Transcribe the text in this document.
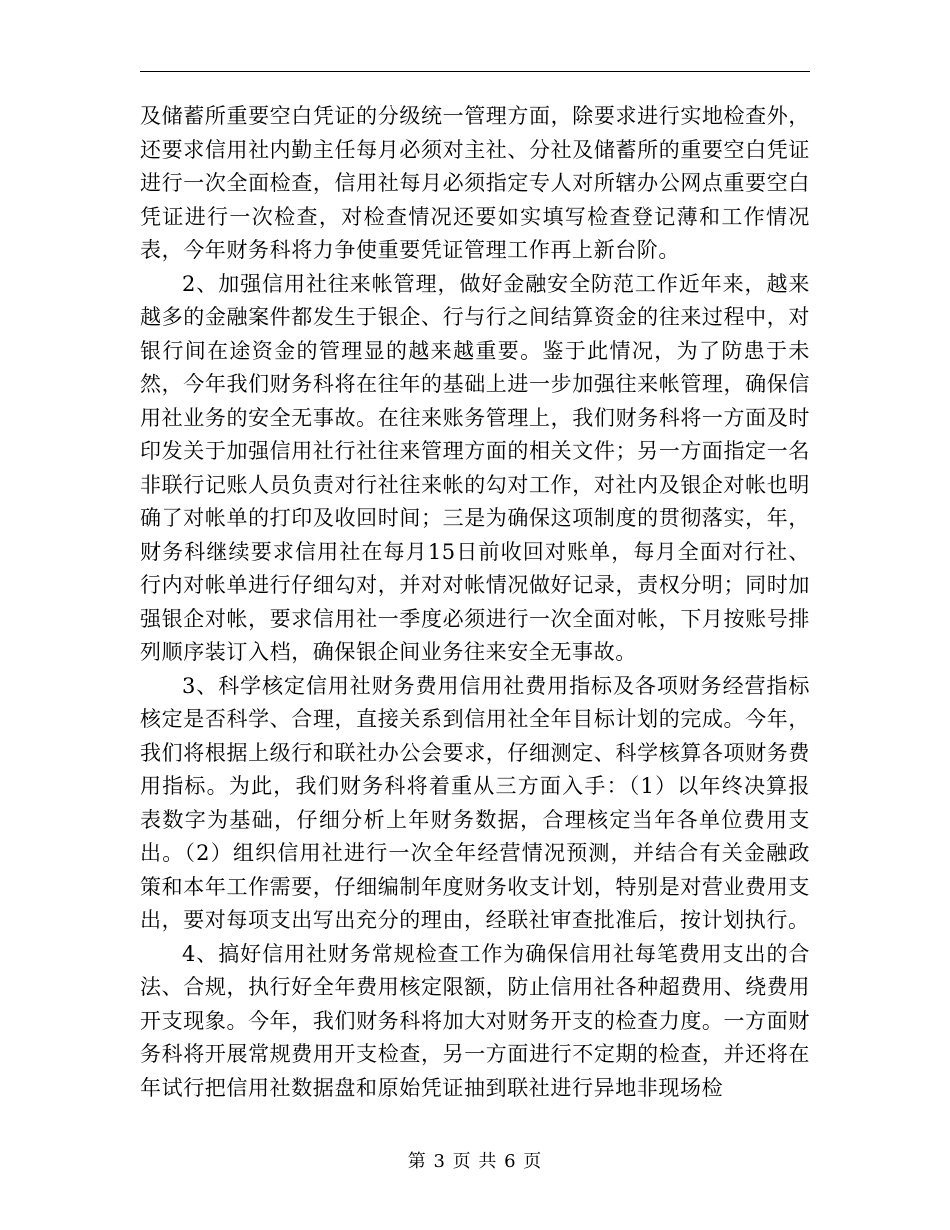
及储蓄所重要空白凭证的分级统一管理方面，除要求进行实地检查外，还要求信用社内勤主任每月必须对主社、分社及储蓄所的重要空白凭证进行一次全面检查，信用社每月必须指定专人对所辖办公网点重要空白凭证进行一次检查，对检查情况还要如实填写检查登记薄和工作情况表，今年财务科将力争使重要凭证管理工作再上新台阶。

2、加强信用社往来帐管理，做好金融安全防范工作近年来，越来越多的金融案件都发生于银企、行与行之间结算资金的往来过程中，对银行间在途资金的管理显的越来越重要。鉴于此情况，为了防患于未然，今年我们财务科将在往年的基础上进一步加强往来帐管理，确保信用社业务的安全无事故。在往来账务管理上，我们财务科将一方面及时印发关于加强信用社行社往来管理方面的相关文件；另一方面指定一名非联行记账人员负责对行社往来帐的勾对工作，对社内及银企对帐也明确了对帐单的打印及收回时间；三是为确保这项制度的贯彻落实，年，财务科继续要求信用社在每月15日前收回对账单，每月全面对行社、行内对帐单进行仔细勾对，并对对帐情况做好记录，责权分明；同时加强银企对帐，要求信用社一季度必须进行一次全面对帐，下月按账号排列顺序装订入档，确保银企间业务往来安全无事故。

3、科学核定信用社财务费用信用社费用指标及各项财务经营指标核定是否科学、合理，直接关系到信用社全年目标计划的完成。今年，我们将根据上级行和联社办公会要求，仔细测定、科学核算各项财务费用指标。为此，我们财务科将着重从三方面入手：（1）以年终决算报表数字为基础，仔细分析上年财务数据，合理核定当年各单位费用支出。（2）组织信用社进行一次全年经营情况预测，并结合有关金融政策和本年工作需要，仔细编制年度财务收支计划，特别是对营业费用支出，要对每项支出写出充分的理由，经联社审查批准后，按计划执行。

4、搞好信用社财务常规检查工作为确保信用社每笔费用支出的合法、合规，执行好全年费用核定限额，防止信用社各种超费用、绕费用开支现象。今年，我们财务科将加大对财务开支的检查力度。一方面财务科将开展常规费用开支检查，另一方面进行不定期的检查，并还将在年试行把信用社数据盘和原始凭证抽到联社进行异地非现场检

第 3 页 共 6 页
